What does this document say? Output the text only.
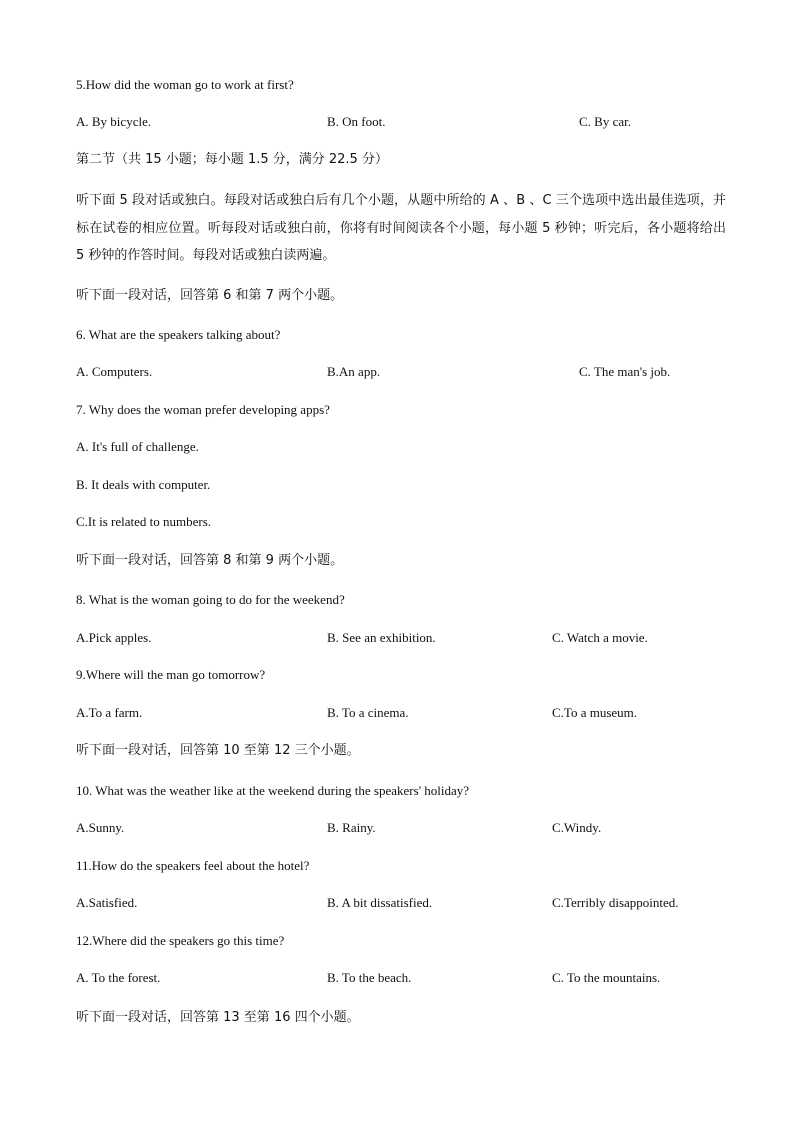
5.How did the woman go to work at first?
A. By bicycle.	B. On foot.	C. By car.
第二节（共 15 小题；每小题 1.5 分，满分 22.5 分）
听下面 5 段对话或独白。每段对话或独白后有几个小题，从题中所给的 A 、B 、C 三个选项中选出最佳选项，并标在试卷的相应位置。听每段对话或独白前，你将有时间阅读各个小题，每小题 5 秒钟；听完后，各小题将给出 5 秒钟的作答时间。每段对话或独白读两遍。
听下面一段对话，回答第 6 和第 7 两个小题。
6. What are the speakers talking about?
A. Computers.	B.An app.	C. The man's job.
7. Why does the woman prefer developing apps?
A. It's full of challenge.
B. It deals with computer.
C.It is related to numbers.
听下面一段对话，回答第 8 和第 9 两个小题。
8. What is the woman going to do for the weekend?
A.Pick apples.	B. See an exhibition.	C. Watch a movie.
9.Where will the man go tomorrow?
A.To a farm.	B. To a cinema.	C.To a museum.
听下面一段对话，回答第 10 至第 12 三个小题。
10. What was the weather like at the weekend during the speakers' holiday?
A.Sunny.	B. Rainy.	C.Windy.
11.How do the speakers feel about the hotel?
A.Satisfied.	B. A bit dissatisfied.	C.Terribly disappointed.
12.Where did the speakers go this time?
A. To the forest.	B. To the beach.	C. To the mountains.
听下面一段对话，回答第 13 至第 16 四个小题。
